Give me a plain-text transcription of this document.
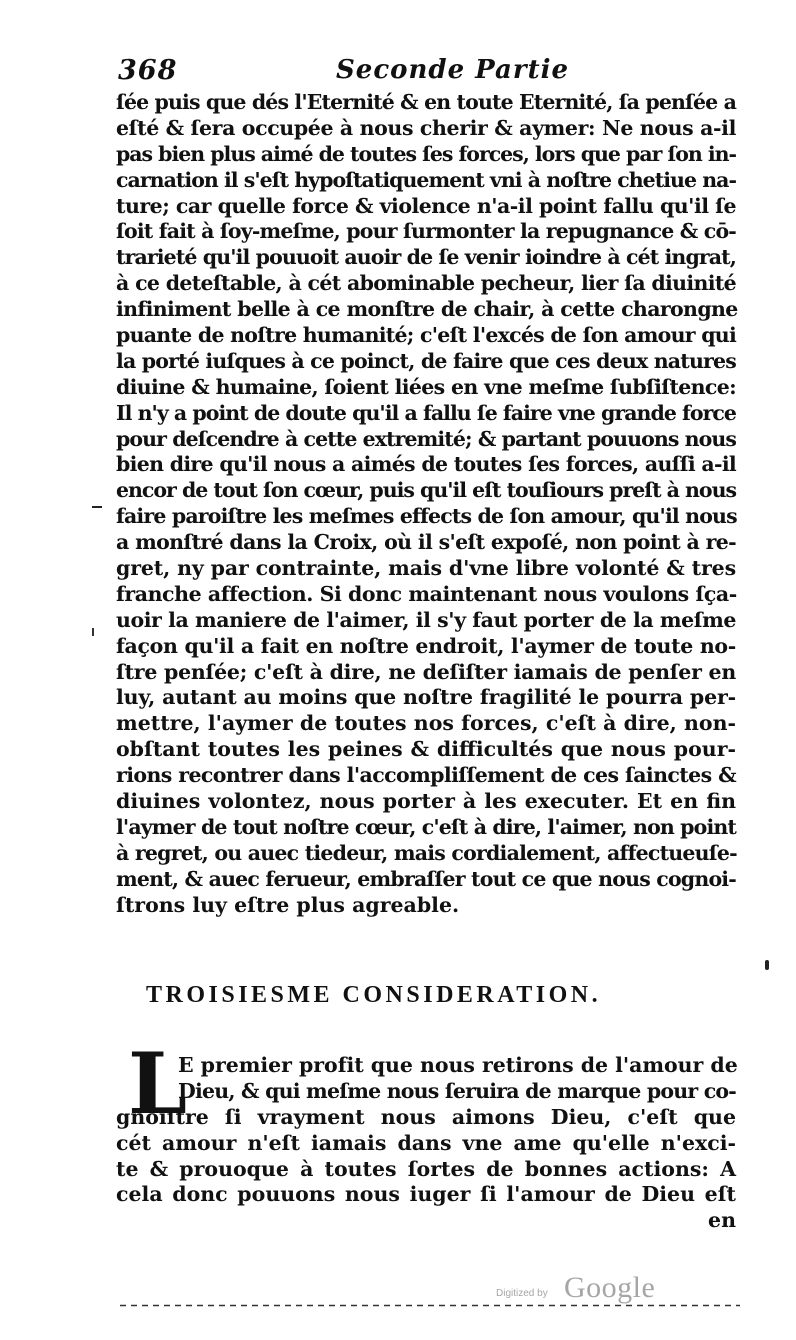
368	Seconde Partie
ſée puis que dés l'Eternité & en toute Eternité, ſa penſée a
eſté & ſera occupée à nous cherir & aymer: Ne nous a-il
pas bien plus aimé de toutes ſes forces, lors que par ſon in-
carnation il s'eſt hypoſtatiquement vni à noſtre chetiue na-
ture; car quelle force & violence n'a-il point fallu qu'il ſe
ſoit fait à ſoy-meſme, pour ſurmonter la repugnance & cō-
trarieté qu'il pouuoit auoir de ſe venir ioindre à cét ingrat,
à ce deteſtable, à cét abominable pecheur, lier ſa diuinité
infiniment belle à ce monſtre de chair, à cette charongne
puante de noſtre humanité; c'eſt l'excés de ſon amour qui
la porté iuſques à ce poinct, de faire que ces deux natures
diuine & humaine, ſoient liées en vne meſme ſubſiſtence:
Il n'y a point de doute qu'il a fallu ſe faire vne grande force
pour deſcendre à cette extremité; & partant pouuons nous
bien dire qu'il nous a aimés de toutes ſes forces, auſſi a-il
encor de tout ſon cœur, puis qu'il eſt touſiours preſt à nous
faire paroiſtre les meſmes effects de ſon amour, qu'il nous
a monſtré dans la Croix, où il s'eſt expoſé, non point à re-
gret, ny par contrainte, mais d'vne libre volonté & tres
franche affection. Si donc maintenant nous voulons ſça-
uoir la maniere de l'aimer, il s'y faut porter de la meſme
façon qu'il a fait en noſtre endroit, l'aymer de toute no-
ſtre penſée; c'eſt à dire, ne deſiſter iamais de penſer en
luy, autant au moins que noſtre fragilité le pourra per-
mettre, l'aymer de toutes nos forces, c'eſt à dire, non-
obſtant toutes les peines & difficultés que nous pour-
rions recontrer dans l'accompliſſement de ces ſainctes &
diuines volontez, nous porter à les executer. Et en fin
l'aymer de tout noſtre cœur, c'eſt à dire, l'aimer, non point
à regret, ou auec tiedeur, mais cordialement, affectueuſe-
ment, & auec ferueur, embraſſer tout ce que nous cognoi-
ſtrons luy eſtre plus agreable.
TROISIESME CONSIDERATION.
L
E premier profit que nous retirons de l'amour de
Dieu, & qui meſme nous ſeruira de marque pour co-
gnoiſtre ſi vrayment nous aimons Dieu, c'eſt que
cét amour n'eſt iamais dans vne ame qu'elle n'exci-
te & prouoque à toutes ſortes de bonnes actions: A
cela donc pouuons nous iuger ſi l'amour de Dieu eſt
en
Digitized by Google
